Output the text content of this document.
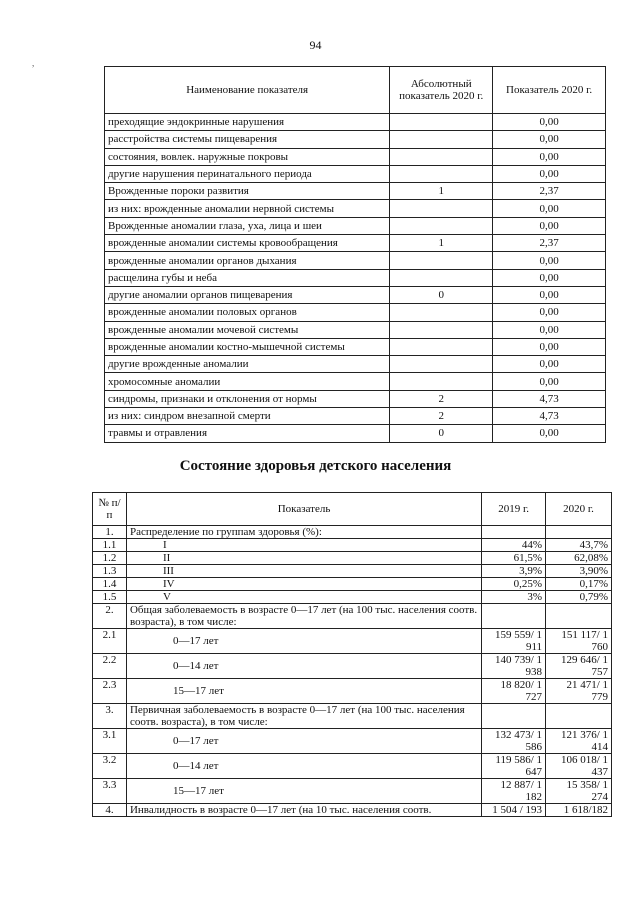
94
,
Наименование показателя	Абсолютный показатель 2020 г.	Показатель 2020 г.
преходящие эндокринные нарушения		0,00
расстройства системы пищеварения		0,00
состояния, вовлек. наружные покровы		0,00
другие нарушения перинатального периода		0,00
Врожденные пороки развития	1	2,37
из них: врожденные аномалии нервной системы		0,00
Врожденные аномалии глаза, уха, лица и шеи		0,00
врожденные аномалии системы кровообращения	1	2,37
врожденные аномалии органов дыхания		0,00
расщелина губы и неба		0,00
другие аномалии органов пищеварения	0	0,00
врожденные аномалии половых органов		0,00
врожденные аномалии мочевой системы		0,00
врожденные аномалии костно-мышечной системы		0,00
другие врожденные аномалии		0,00
хромосомные аномалии		0,00
синдромы, признаки и отклонения от нормы	2	4,73
из них: синдром внезапной смерти	2	4,73
травмы и отравления	0	0,00
Состояние здоровья детского населения
№ п/п	Показатель	2019 г.	2020 г.
1.	Распределение по группам здоровья (%):		
1.1	I	44%	43,7%
1.2	II	61,5%	62,08%
1.3	III	3,9%	3,90%
1.4	IV	0,25%	0,17%
1.5	V	3%	0,79%
2.	Общая заболеваемость в возрасте 0—17 лет (на 100 тыс. населения соотв. возраста), в том числе:		
2.1	0—17 лет	159 559/ 1 911	151 117/ 1 760
2.2	0—14 лет	140 739/ 1 938	129 646/ 1 757
2.3	15—17 лет	18 820/ 1 727	21 471/ 1 779
3.	Первичная заболеваемость в возрасте 0—17 лет (на 100 тыс. населения соотв. возраста), в том числе:		
3.1	0—17 лет	132 473/ 1 586	121 376/ 1 414
3.2	0—14 лет	119 586/ 1 647	106 018/ 1 437
3.3	15—17 лет	12 887/ 1 182	15 358/ 1 274
4.	Инвалидность в возрасте 0—17 лет (на 10 тыс. населения соотв.	1 504 / 193	1 618/182
